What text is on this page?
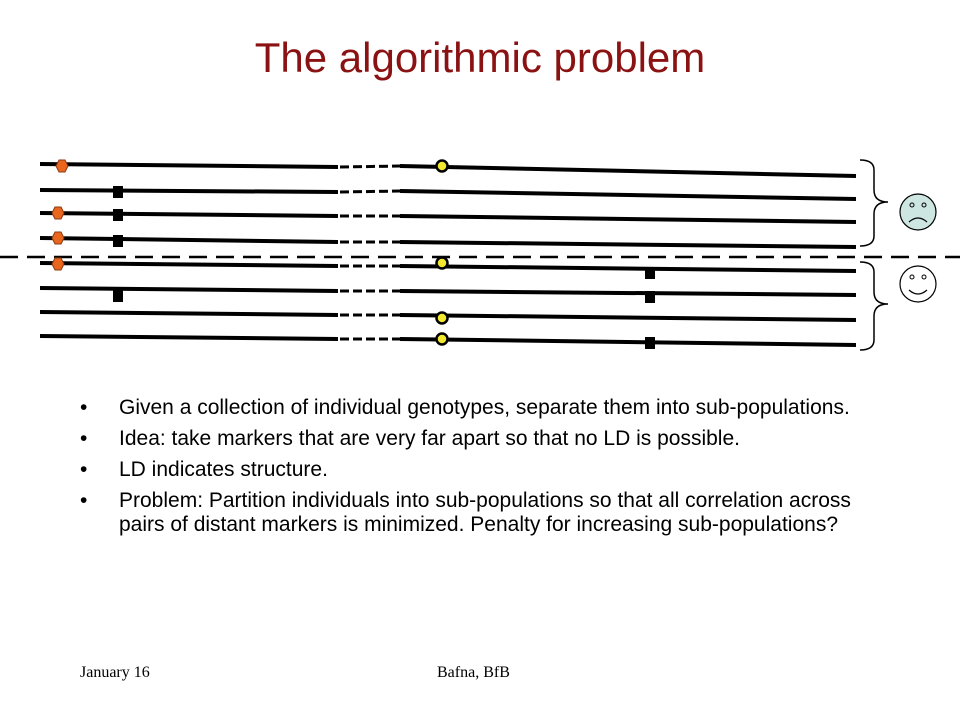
The algorithmic problem
• Given a collection of individual genotypes, separate them into sub-populations.
• Idea: take markers that are very far apart so that no LD is possible.
• LD indicates structure.
• Problem: Partition individuals into sub-populations so that all correlation across pairs of distant markers is minimized. Penalty for increasing sub-populations?
January 16	Bafna, BfB
